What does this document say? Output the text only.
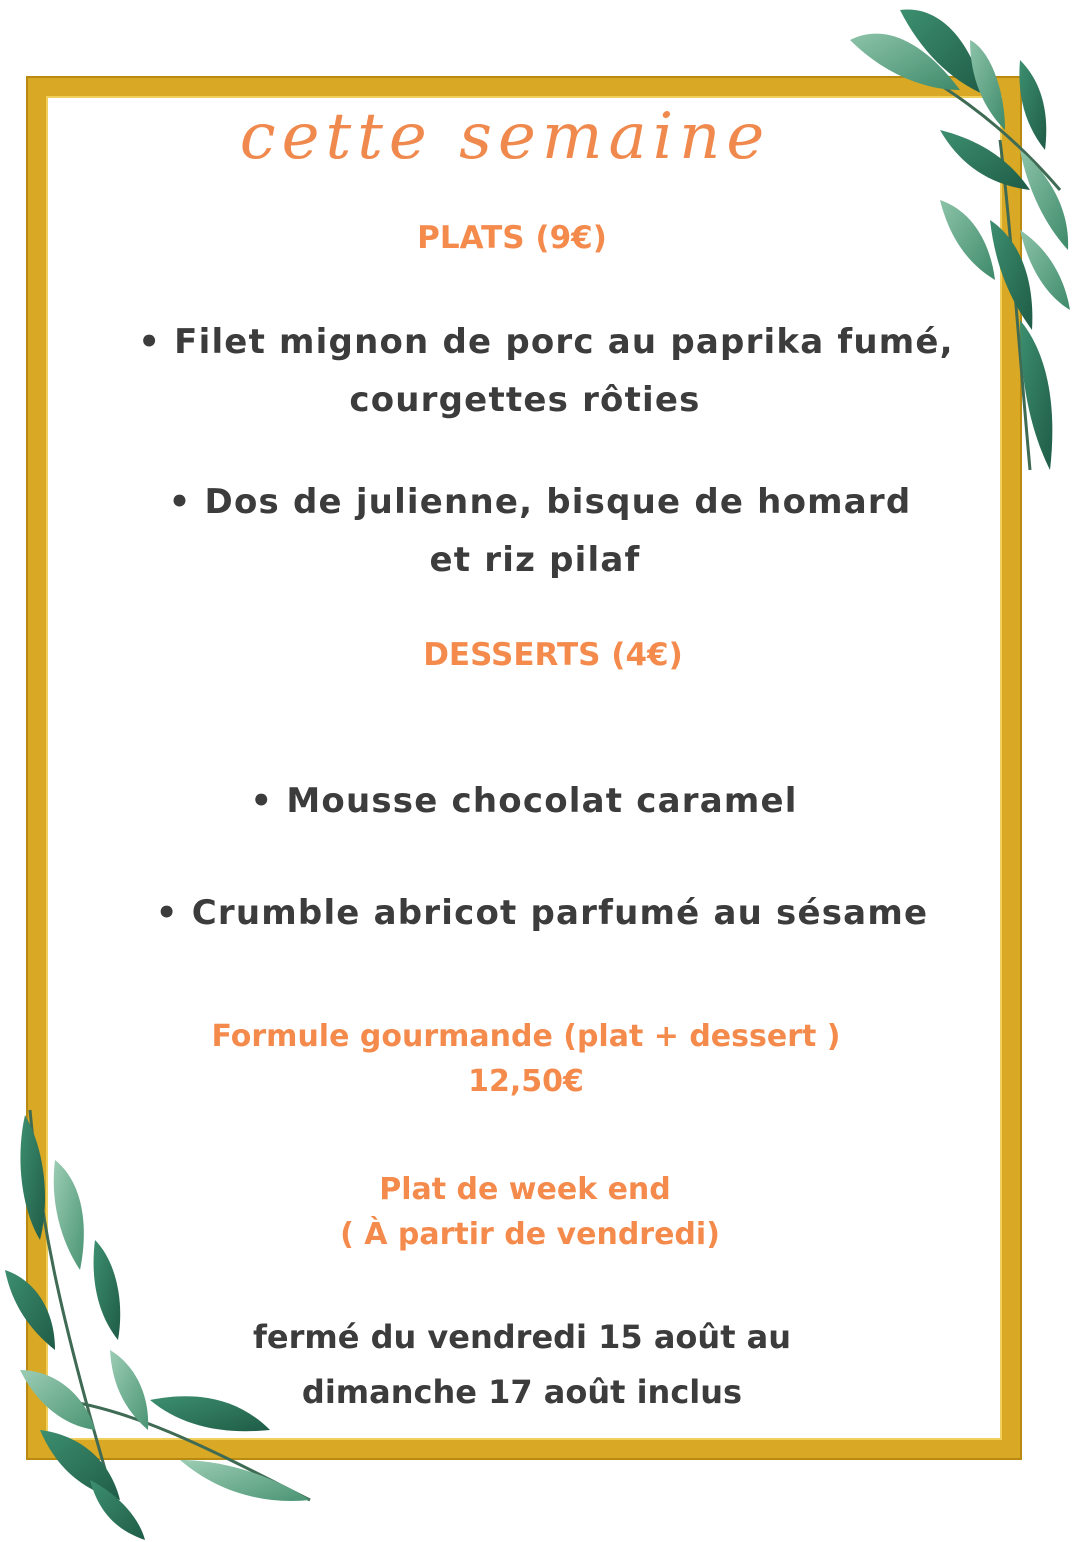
cette semaine
PLATS (9€)
• Filet mignon de porc au paprika fumé,
courgettes rôties
• Dos de julienne, bisque de homard
et riz pilaf
DESSERTS (4€)
• Mousse chocolat caramel
• Crumble abricot parfumé au sésame
Formule gourmande (plat + dessert )
12,50€
Plat de week end
( À partir de vendredi)
fermé du vendredi 15 août au
dimanche 17 août inclus
